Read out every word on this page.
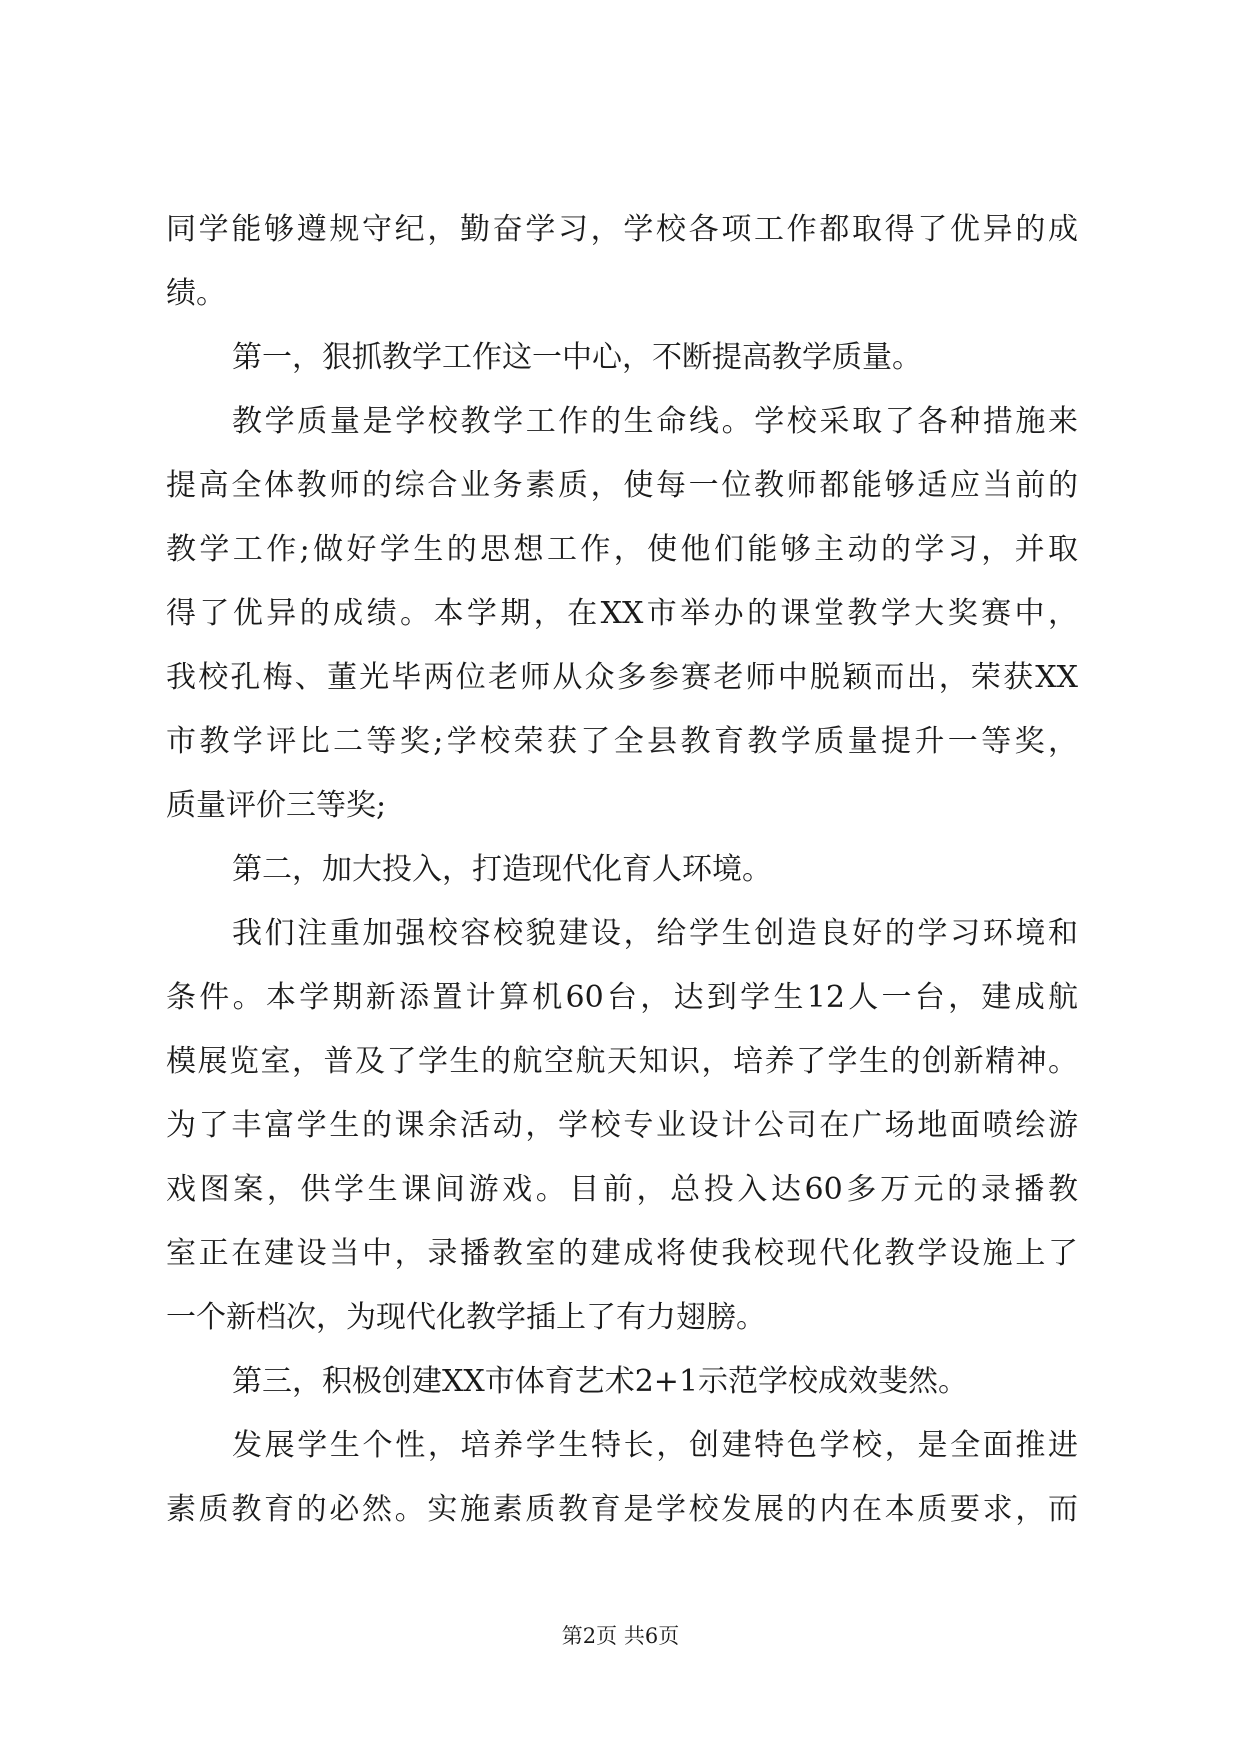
同学能够遵规守纪，勤奋学习，学校各项工作都取得了优异的成
绩。
第一，狠抓教学工作这一中心，不断提高教学质量。
教学质量是学校教学工作的生命线。学校采取了各种措施来
提高全体教师的综合业务素质，使每一位教师都能够适应当前的
教学工作;做好学生的思想工作，使他们能够主动的学习，并取
得了优异的成绩。本学期，在XX市举办的课堂教学大奖赛中，
我校孔梅、董光毕两位老师从众多参赛老师中脱颖而出，荣获XX
市教学评比二等奖;学校荣获了全县教育教学质量提升一等奖，
质量评价三等奖;
第二，加大投入，打造现代化育人环境。
我们注重加强校容校貌建设，给学生创造良好的学习环境和
条件。本学期新添置计算机60台，达到学生12人一台，建成航
模展览室，普及了学生的航空航天知识，培养了学生的创新精神。
为了丰富学生的课余活动，学校专业设计公司在广场地面喷绘游
戏图案，供学生课间游戏。目前，总投入达60多万元的录播教
室正在建设当中，录播教室的建成将使我校现代化教学设施上了
一个新档次，为现代化教学插上了有力翅膀。
第三，积极创建XX市体育艺术2+1示范学校成效斐然。
发展学生个性，培养学生特长，创建特色学校，是全面推进
素质教育的必然。实施素质教育是学校发展的内在本质要求，而
第2页 共6页
